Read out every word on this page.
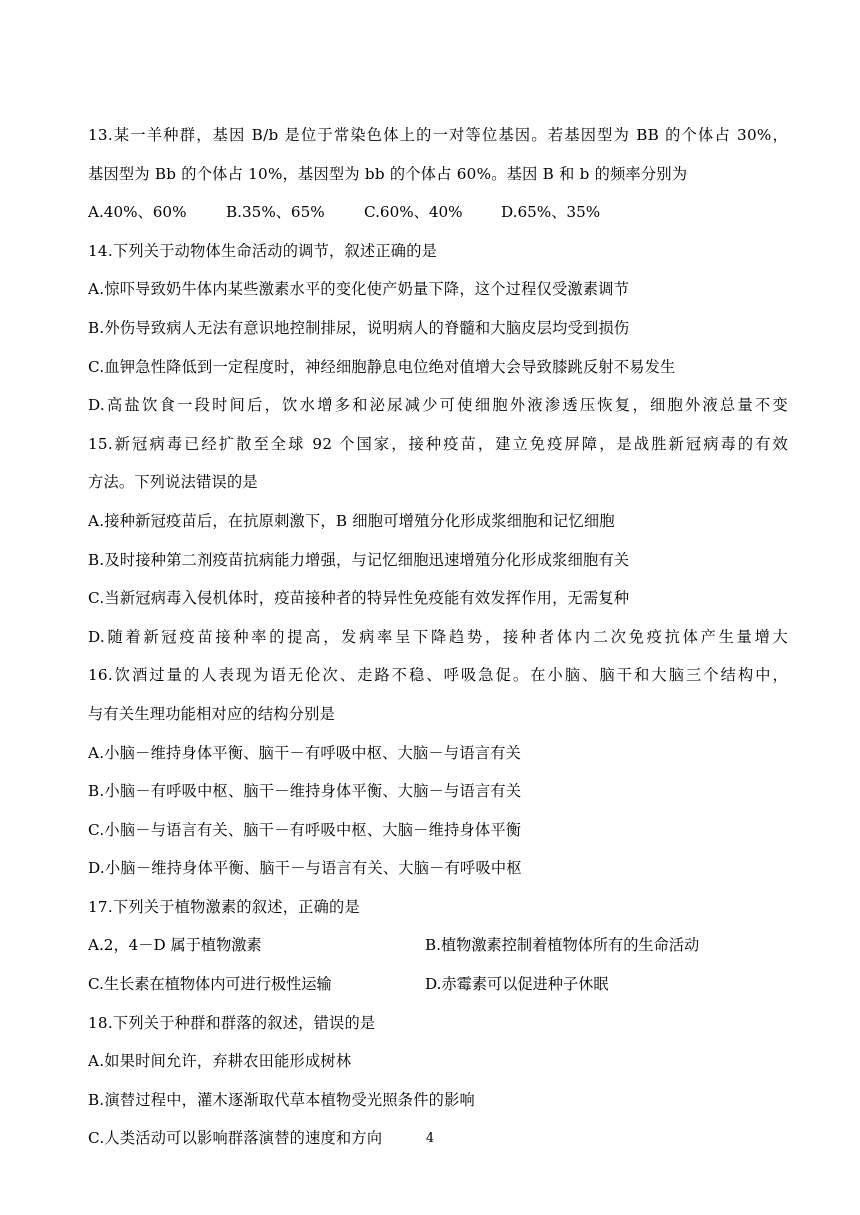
13.某一羊种群，基因 B/b 是位于常染色体上的一对等位基因。若基因型为 BB 的个体占 30%，
基因型为 Bb 的个体占 10%，基因型为 bb 的个体占 60%。基因 B 和 b 的频率分别为
A.40%、60%	B.35%、65%	C.60%、40%	D.65%、35%
14.下列关于动物体生命活动的调节，叙述正确的是
A.惊吓导致奶牛体内某些激素水平的变化使产奶量下降，这个过程仅受激素调节
B.外伤导致病人无法有意识地控制排尿，说明病人的脊髓和大脑皮层均受到损伤
C.血钾急性降低到一定程度时，神经细胞静息电位绝对值增大会导致膝跳反射不易发生
D.高盐饮食一段时间后，饮水增多和泌尿减少可使细胞外液渗透压恢复，细胞外液总量不变
15.新冠病毒已经扩散至全球 92 个国家，接种疫苗，建立免疫屏障，是战胜新冠病毒的有效
方法。下列说法错误的是
A.接种新冠疫苗后，在抗原刺激下，B 细胞可增殖分化形成浆细胞和记忆细胞
B.及时接种第二剂疫苗抗病能力增强，与记忆细胞迅速增殖分化形成浆细胞有关
C.当新冠病毒入侵机体时，疫苗接种者的特异性免疫能有效发挥作用，无需复种
D.随着新冠疫苗接种率的提高，发病率呈下降趋势，接种者体内二次免疫抗体产生量增大
16.饮酒过量的人表现为语无伦次、走路不稳、呼吸急促。在小脑、脑干和大脑三个结构中，
与有关生理功能相对应的结构分别是
A.小脑－维持身体平衡、脑干－有呼吸中枢、大脑－与语言有关
B.小脑－有呼吸中枢、脑干－维持身体平衡、大脑－与语言有关
C.小脑－与语言有关、脑干－有呼吸中枢、大脑－维持身体平衡
D.小脑－维持身体平衡、脑干－与语言有关、大脑－有呼吸中枢
17.下列关于植物激素的叙述，正确的是
A.2，4－D 属于植物激素	B.植物激素控制着植物体所有的生命活动
C.生长素在植物体内可进行极性运输	D.赤霉素可以促进种子休眠
18.下列关于种群和群落的叙述，错误的是
A.如果时间允许，弃耕农田能形成树林
B.演替过程中，灌木逐渐取代草本植物受光照条件的影响
C.人类活动可以影响群落演替的速度和方向	4
